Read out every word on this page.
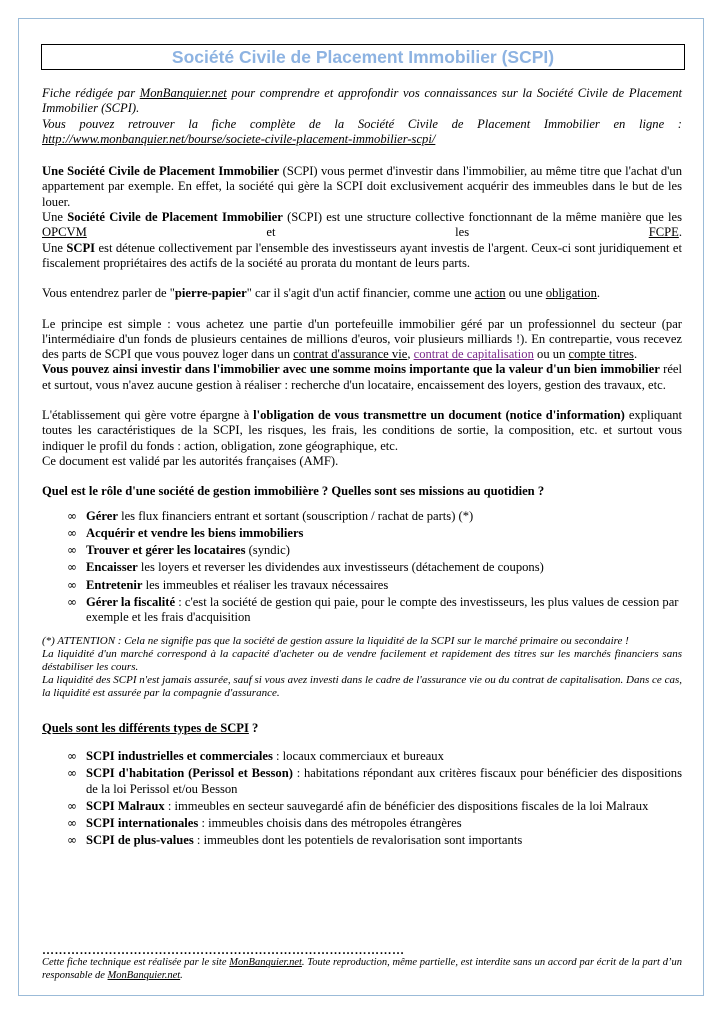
Société Civile de Placement Immobilier (SCPI)

Fiche rédigée par MonBanquier.net pour comprendre et approfondir vos connaissances sur la Société Civile de Placement Immobilier (SCPI).

Vous pouvez retrouver la fiche complète de la Société Civile de Placement Immobilier en ligne : http://www.monbanquier.net/bourse/societe-civile-placement-immobilier-scpi/

Une Société Civile de Placement Immobilier (SCPI) vous permet d'investir dans l'immobilier, au même titre que l'achat d'un appartement par exemple. En effet, la société qui gère la SCPI doit exclusivement acquérir des immeubles dans le but de les louer.

Une Société Civile de Placement Immobilier (SCPI) est une structure collective fonctionnant de la même manière que les OPCVM et les FCPE.

Une SCPI est détenue collectivement par l'ensemble des investisseurs ayant investis de l'argent. Ceux-ci sont juridiquement et fiscalement propriétaires des actifs de la société au prorata du montant de leurs parts.

Vous entendrez parler de "pierre-papier" car il s'agit d'un actif financier, comme une action ou une obligation.

Le principe est simple : vous achetez une partie d'un portefeuille immobilier géré par un professionnel du secteur (par l'intermédiaire d'un fonds de plusieurs centaines de millions d'euros, voir plusieurs milliards !). En contrepartie, vous recevez des parts de SCPI que vous pouvez loger dans un contrat d'assurance vie, contrat de capitalisation ou un compte titres.

Vous pouvez ainsi investir dans l'immobilier avec une somme moins importante que la valeur d'un bien immobilier réel et surtout, vous n'avez aucune gestion à réaliser : recherche d'un locataire, encaissement des loyers, gestion des travaux, etc.

L'établissement qui gère votre épargne à l'obligation de vous transmettre un document (notice d'information) expliquant toutes les caractéristiques de la SCPI, les risques, les frais, les conditions de sortie, la composition, etc. et surtout vous indiquer le profil du fonds : action, obligation, zone géographique, etc.

Ce document est validé par les autorités françaises (AMF).

Quel est le rôle d'une société de gestion immobilière ? Quelles sont ses missions au quotidien ?

∞ Gérer les flux financiers entrant et sortant (souscription / rachat de parts) (*)
∞ Acquérir et vendre les biens immobiliers
∞ Trouver et gérer les locataires (syndic)
∞ Encaisser les loyers et reverser les dividendes aux investisseurs (détachement de coupons)
∞ Entretenir les immeubles et réaliser les travaux nécessaires
∞ Gérer la fiscalité : c'est la société de gestion qui paie, pour le compte des investisseurs, les plus values de cession par exemple et les frais d'acquisition

(*) ATTENTION : Cela ne signifie pas que la société de gestion assure la liquidité de la SCPI sur le marché primaire ou secondaire !

La liquidité d'un marché correspond à la capacité d'acheter ou de vendre facilement et rapidement des titres sur les marchés financiers sans déstabiliser les cours.

La liquidité des SCPI n'est jamais assurée, sauf si vous avez investi dans le cadre de l'assurance vie ou du contrat de capitalisation. Dans ce cas, la liquidité est assurée par la compagnie d'assurance.

Quels sont les différents types de SCPI ?

∞ SCPI industrielles et commerciales : locaux commerciaux et bureaux
∞ SCPI d'habitation (Perissol et Besson) : habitations répondant aux critères fiscaux pour bénéficier des dispositions de la loi Perissol et/ou Besson
∞ SCPI Malraux : immeubles en secteur sauvegardé afin de bénéficier des dispositions fiscales de la loi Malraux
∞ SCPI internationales : immeubles choisis dans des métropoles étrangères
∞ SCPI de plus-values : immeubles dont les potentiels de revalorisation sont importants
……………………………………………………………………………

Cette fiche technique est réalisée par le site MonBanquier.net. Toute reproduction, même partielle, est interdite sans un accord par écrit de la part d’un responsable de MonBanquier.net.
